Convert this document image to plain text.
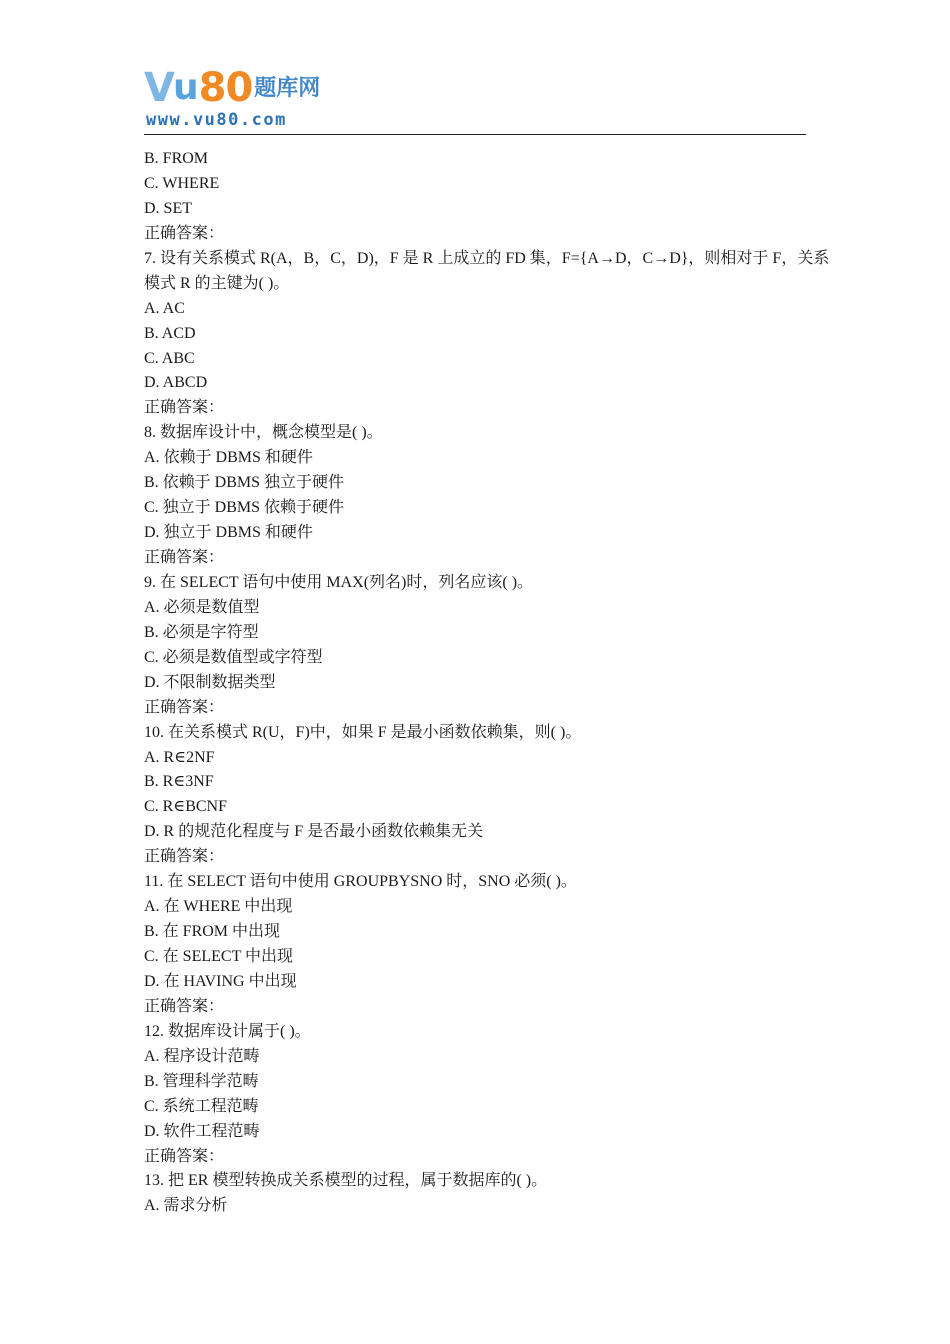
V u 80 题库网
www.vu80.com
B. FROM
C. WHERE
D. SET
正确答案：
7. 设有关系模式 R(A，B，C，D)，F 是 R 上成立的 FD 集，F={A→D，C→D}，则相对于 F，关系
模式 R 的主键为( )。
A. AC
B. ACD
C. ABC
D. ABCD
正确答案：
8. 数据库设计中，概念模型是( )。
A. 依赖于 DBMS 和硬件
B. 依赖于 DBMS 独立于硬件
C. 独立于 DBMS 依赖于硬件
D. 独立于 DBMS 和硬件
正确答案：
9. 在 SELECT 语句中使用 MAX(列名)时，列名应该( )。
A. 必须是数值型
B. 必须是字符型
C. 必须是数值型或字符型
D. 不限制数据类型
正确答案：
10. 在关系模式 R(U，F)中，如果 F 是最小函数依赖集，则( )。
A. R∈2NF
B. R∈3NF
C. R∈BCNF
D. R 的规范化程度与 F 是否最小函数依赖集无关
正确答案：
11. 在 SELECT 语句中使用 GROUPBYSNO 时，SNO 必须( )。
A. 在 WHERE 中出现
B. 在 FROM 中出现
C. 在 SELECT 中出现
D. 在 HAVING 中出现
正确答案：
12. 数据库设计属于( )。
A. 程序设计范畴
B. 管理科学范畴
C. 系统工程范畴
D. 软件工程范畴
正确答案：
13. 把 ER 模型转换成关系模型的过程，属于数据库的( )。
A. 需求分析
